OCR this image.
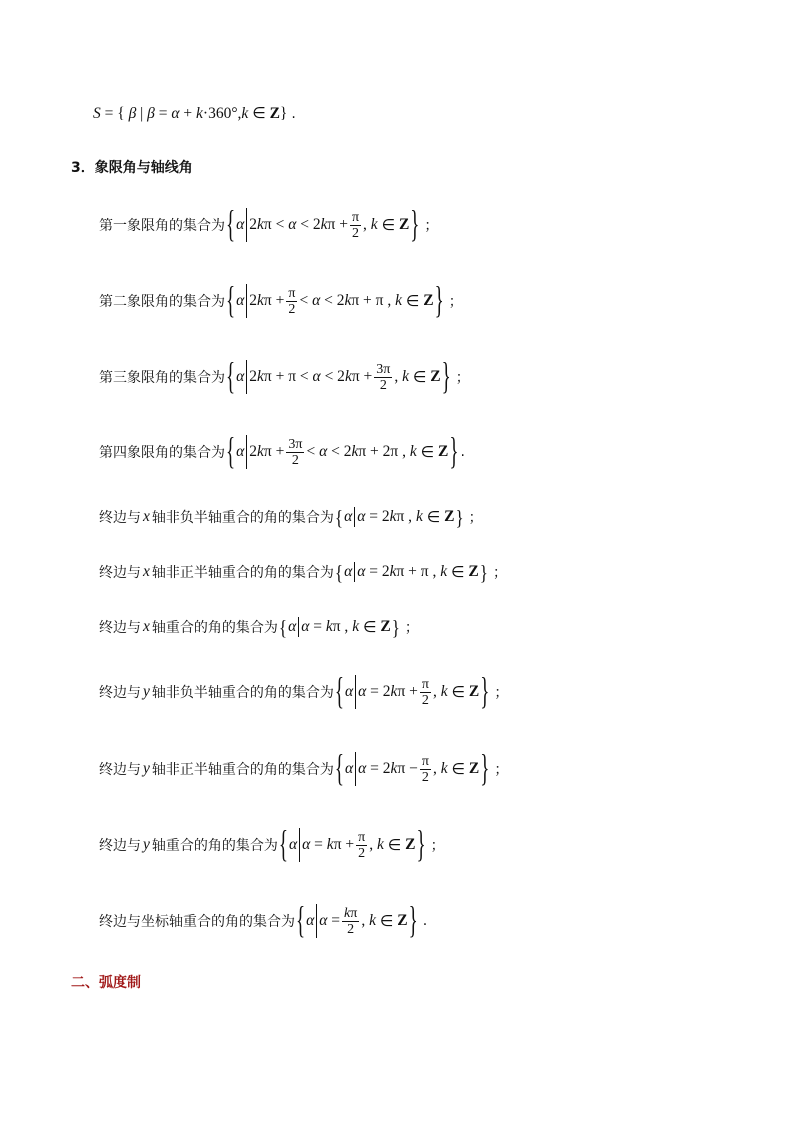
S = { β | β = α + k ·360°, k ∈ Z } .
3．象限角与轴线角
第一象限角的集合为 { α 2 k π < α < 2 k $\pi + \frac{\pi}{2}$ , k ∈ Z } ；
第二象限角的集合为 { α 2 k $\pi + \frac{\pi}{2} < \alpha < 2$ k π + π , k ∈ Z } ；
第三象限角的集合为 { α 2 k π + π < α < 2 k $\pi + \frac{3\pi}{2}$ , k ∈ Z } ；
第四象限角的集合为 { α 2 k $\pi + \frac{3\pi}{2} < \alpha < 2$ k π + 2π , k ∈ Z } .
终边与 x 轴非负半轴重合的角的集合为 { α α = 2 k π , k ∈ Z } ；
终边与 x 轴非正半轴重合的角的集合为 { α α = 2 k π + π , k ∈ Z } ；
终边与 x 轴重合的角的集合为 { α α = k π , k ∈ Z } ；
终边与 y 轴非负半轴重合的角的集合为 { α α = 2 k $\pi + \frac{\pi}{2}$ , k ∈ Z } ；
终边与 y 轴非正半轴重合的角的集合为 { α α = 2 k $\pi - \frac{\pi}{2}$ , k ∈ Z } ；
终边与 y 轴重合的角的集合为 { α α = k $\pi + \frac{\pi}{2}$ , k ∈ Z } ；
终边与坐标轴重合的角的集合为 { α $\alpha = \frac{k\pi}{2}$ , k ∈ Z } .
二、弧度制
